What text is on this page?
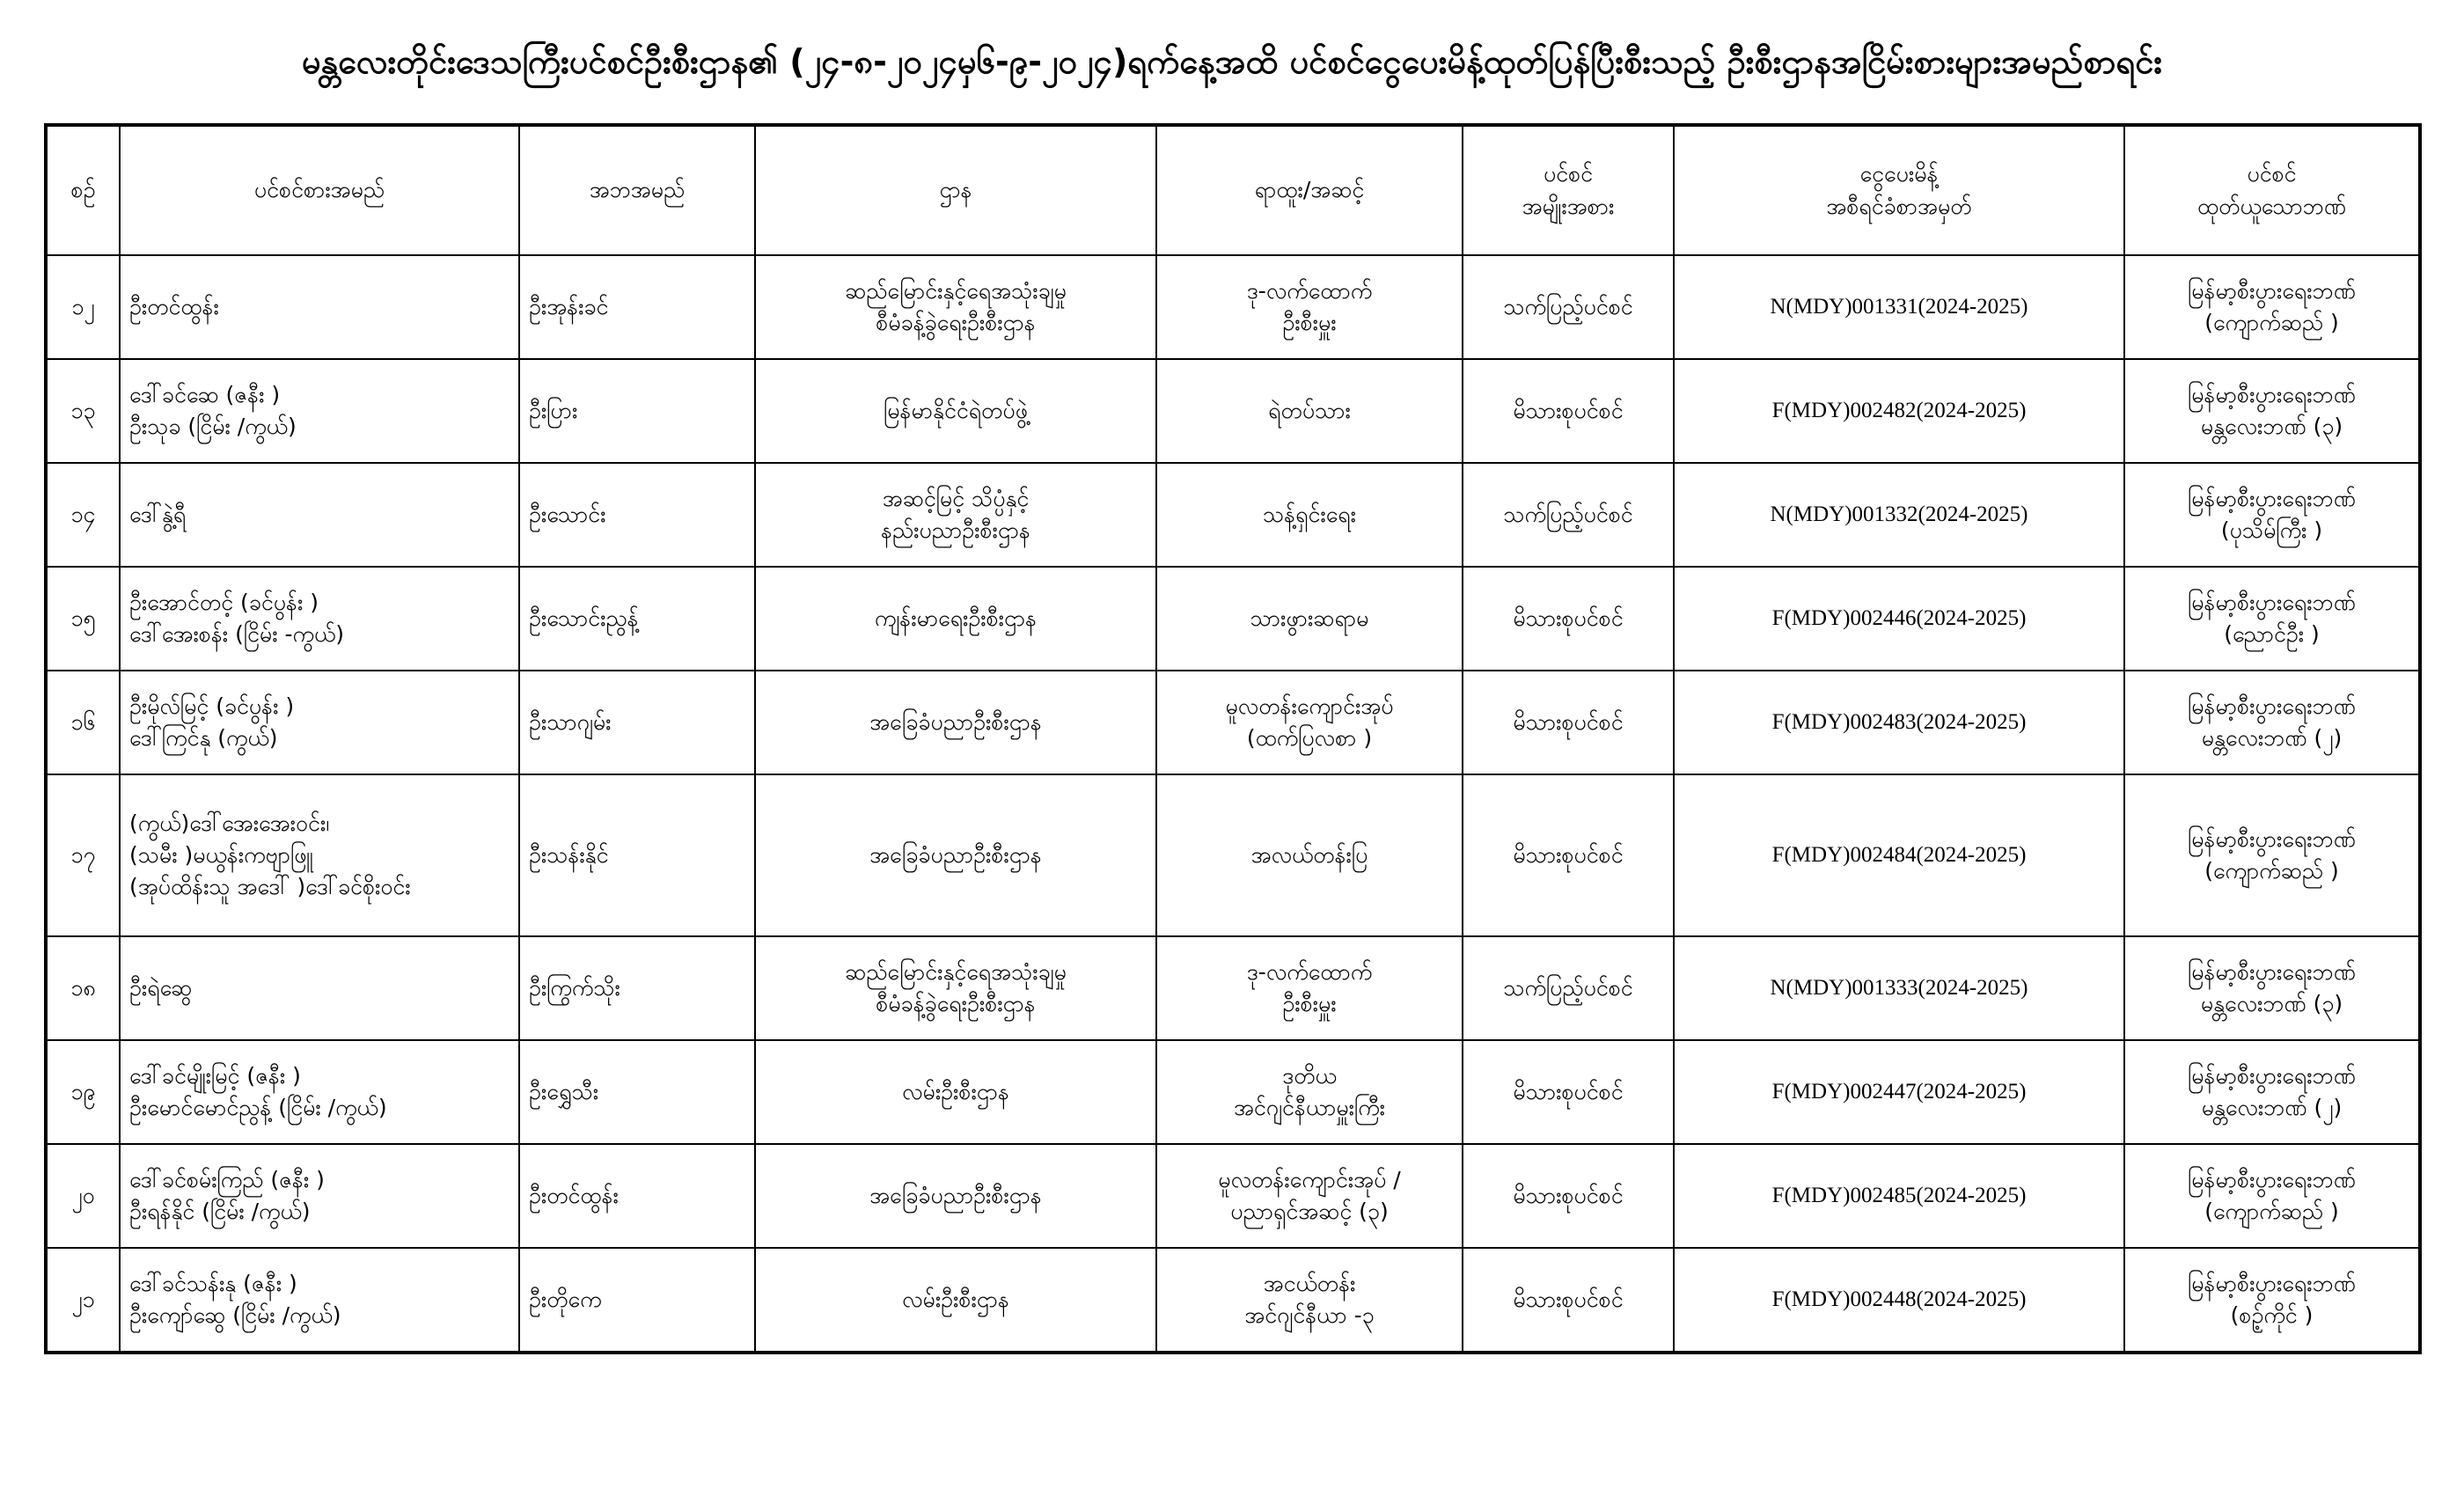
မန္တလေးတိုင်းဒေသကြီးပင်စင်ဦးစီးဌာန၏ (၂၄-၈-၂၀၂၄မှ၆-၉-၂၀၂၄)ရက်နေ့အထိ ပင်စင်ငွေပေးမိန့်ထုတ်ပြန်ပြီးစီးသည့် ဦးစီးဌာနအငြိမ်းစားများအမည်စာရင်း
စဉ်	ပင်စင်စားအမည်	အဘအမည်	ဌာန	ရာထူး/အဆင့်	ပင်စင်
အမျိုးအစား	ငွေပေးမိန့်
အစီရင်ခံစာအမှတ်	ပင်စင်
ထုတ်ယူသောဘဏ်

၁၂	ဦးတင်ထွန်း	ဦးအုန်းခင်	ဆည်မြောင်းနှင့်ရေအသုံးချမှု
စီမံခန့်ခွဲရေးဦးစီးဌာန	ဒု-လက်ထောက်
ဦးစီးမှူး	သက်ပြည့်ပင်စင်	N(MDY)001331(2024-2025)	မြန်မာ့စီးပွားရေးဘဏ်
(ကျောက်ဆည် )

၁၃	ဒေါ်ခင်ဆေ (ဇနီး )
ဦးသုခ (ငြိမ်း /ကွယ်)	ဦးပြား	မြန်မာနိုင်ငံရဲတပ်ဖွဲ့	ရဲတပ်သား	မိသားစုပင်စင်	F(MDY)002482(2024-2025)	မြန်မာ့စီးပွားရေးဘဏ်
မန္တလေးဘဏ် (၃)

၁၄	ဒေါ်နွဲ့ရီ	ဦးသောင်း	အဆင့်မြင့် သိပ္ပံနှင့်
နည်းပညာဦးစီးဌာန	သန့်ရှင်းရေး	သက်ပြည့်ပင်စင်	N(MDY)001332(2024-2025)	မြန်မာ့စီးပွားရေးဘဏ်
(ပုသိမ်ကြီး )

၁၅	ဦးအောင်တင့် (ခင်ပွန်း )
ဒေါ်အေးစန်း (ငြိမ်း -ကွယ်)	ဦးသောင်းညွန့်	ကျန်းမာရေးဦးစီးဌာန	သားဖွားဆရာမ	မိသားစုပင်စင်	F(MDY)002446(2024-2025)	မြန်မာ့စီးပွားရေးဘဏ်
(ညောင်ဦး )

၁၆	ဦးမိုလ်မြင့် (ခင်ပွန်း )
ဒေါ်ကြင်နု (ကွယ်)	ဦးသာဂျမ်း	အခြေခံပညာဦးစီးဌာန	မူလတန်းကျောင်းအုပ်
(ထက်ပြလစာ )	မိသားစုပင်စင်	F(MDY)002483(2024-2025)	မြန်မာ့စီးပွားရေးဘဏ်
မန္တလေးဘဏ် (၂)

၁၇	(ကွယ်)ဒေါ်အေးအေးဝင်း၊
(သမီး )မယွန်းကဗျာဖြူ
(အုပ်ထိန်းသူ အဒေါ် )ဒေါ်ခင်စိုးဝင်း	ဦးသန်းနိုင်	အခြေခံပညာဦးစီးဌာန	အလယ်တန်းပြ	မိသားစုပင်စင်	F(MDY)002484(2024-2025)	မြန်မာ့စီးပွားရေးဘဏ်
(ကျောက်ဆည် )

၁၈	ဦးရဲဆွေ	ဦးကြွက်သိုး	ဆည်မြောင်းနှင့်ရေအသုံးချမှု
စီမံခန့်ခွဲရေးဦးစီးဌာန	ဒု-လက်ထောက်
ဦးစီးမှူး	သက်ပြည့်ပင်စင်	N(MDY)001333(2024-2025)	မြန်မာ့စီးပွားရေးဘဏ်
မန္တလေးဘဏ် (၃)

၁၉	ဒေါ်ခင်မျိုးမြင့် (ဇနီး )
ဦးမောင်မောင်ညွန့် (ငြိမ်း /ကွယ်)	ဦးရွှေသီး	လမ်းဦးစီးဌာန	ဒုတိယ
အင်ဂျင်နီယာမှူးကြီး	မိသားစုပင်စင်	F(MDY)002447(2024-2025)	မြန်မာ့စီးပွားရေးဘဏ်
မန္တလေးဘဏ် (၂)

၂၀	ဒေါ်ခင်စမ်းကြည် (ဇနီး )
ဦးရန်နိုင် (ငြိမ်း /ကွယ်)	ဦးတင်ထွန်း	အခြေခံပညာဦးစီးဌာန	မူလတန်းကျောင်းအုပ် /
ပညာရှင်အဆင့် (၃)	မိသားစုပင်စင်	F(MDY)002485(2024-2025)	မြန်မာ့စီးပွားရေးဘဏ်
(ကျောက်ဆည် )

၂၁	ဒေါ်ခင်သန်းနု (ဇနီး )
ဦးကျော်ဆွေ (ငြိမ်း /ကွယ်)	ဦးတိုကေ	လမ်းဦးစီးဌာန	အငယ်တန်း
အင်ဂျင်နီယာ -၃	မိသားစုပင်စင်	F(MDY)002448(2024-2025)	မြန်မာ့စီးပွားရေးဘဏ်
(စဥ့်ကိုင် )
